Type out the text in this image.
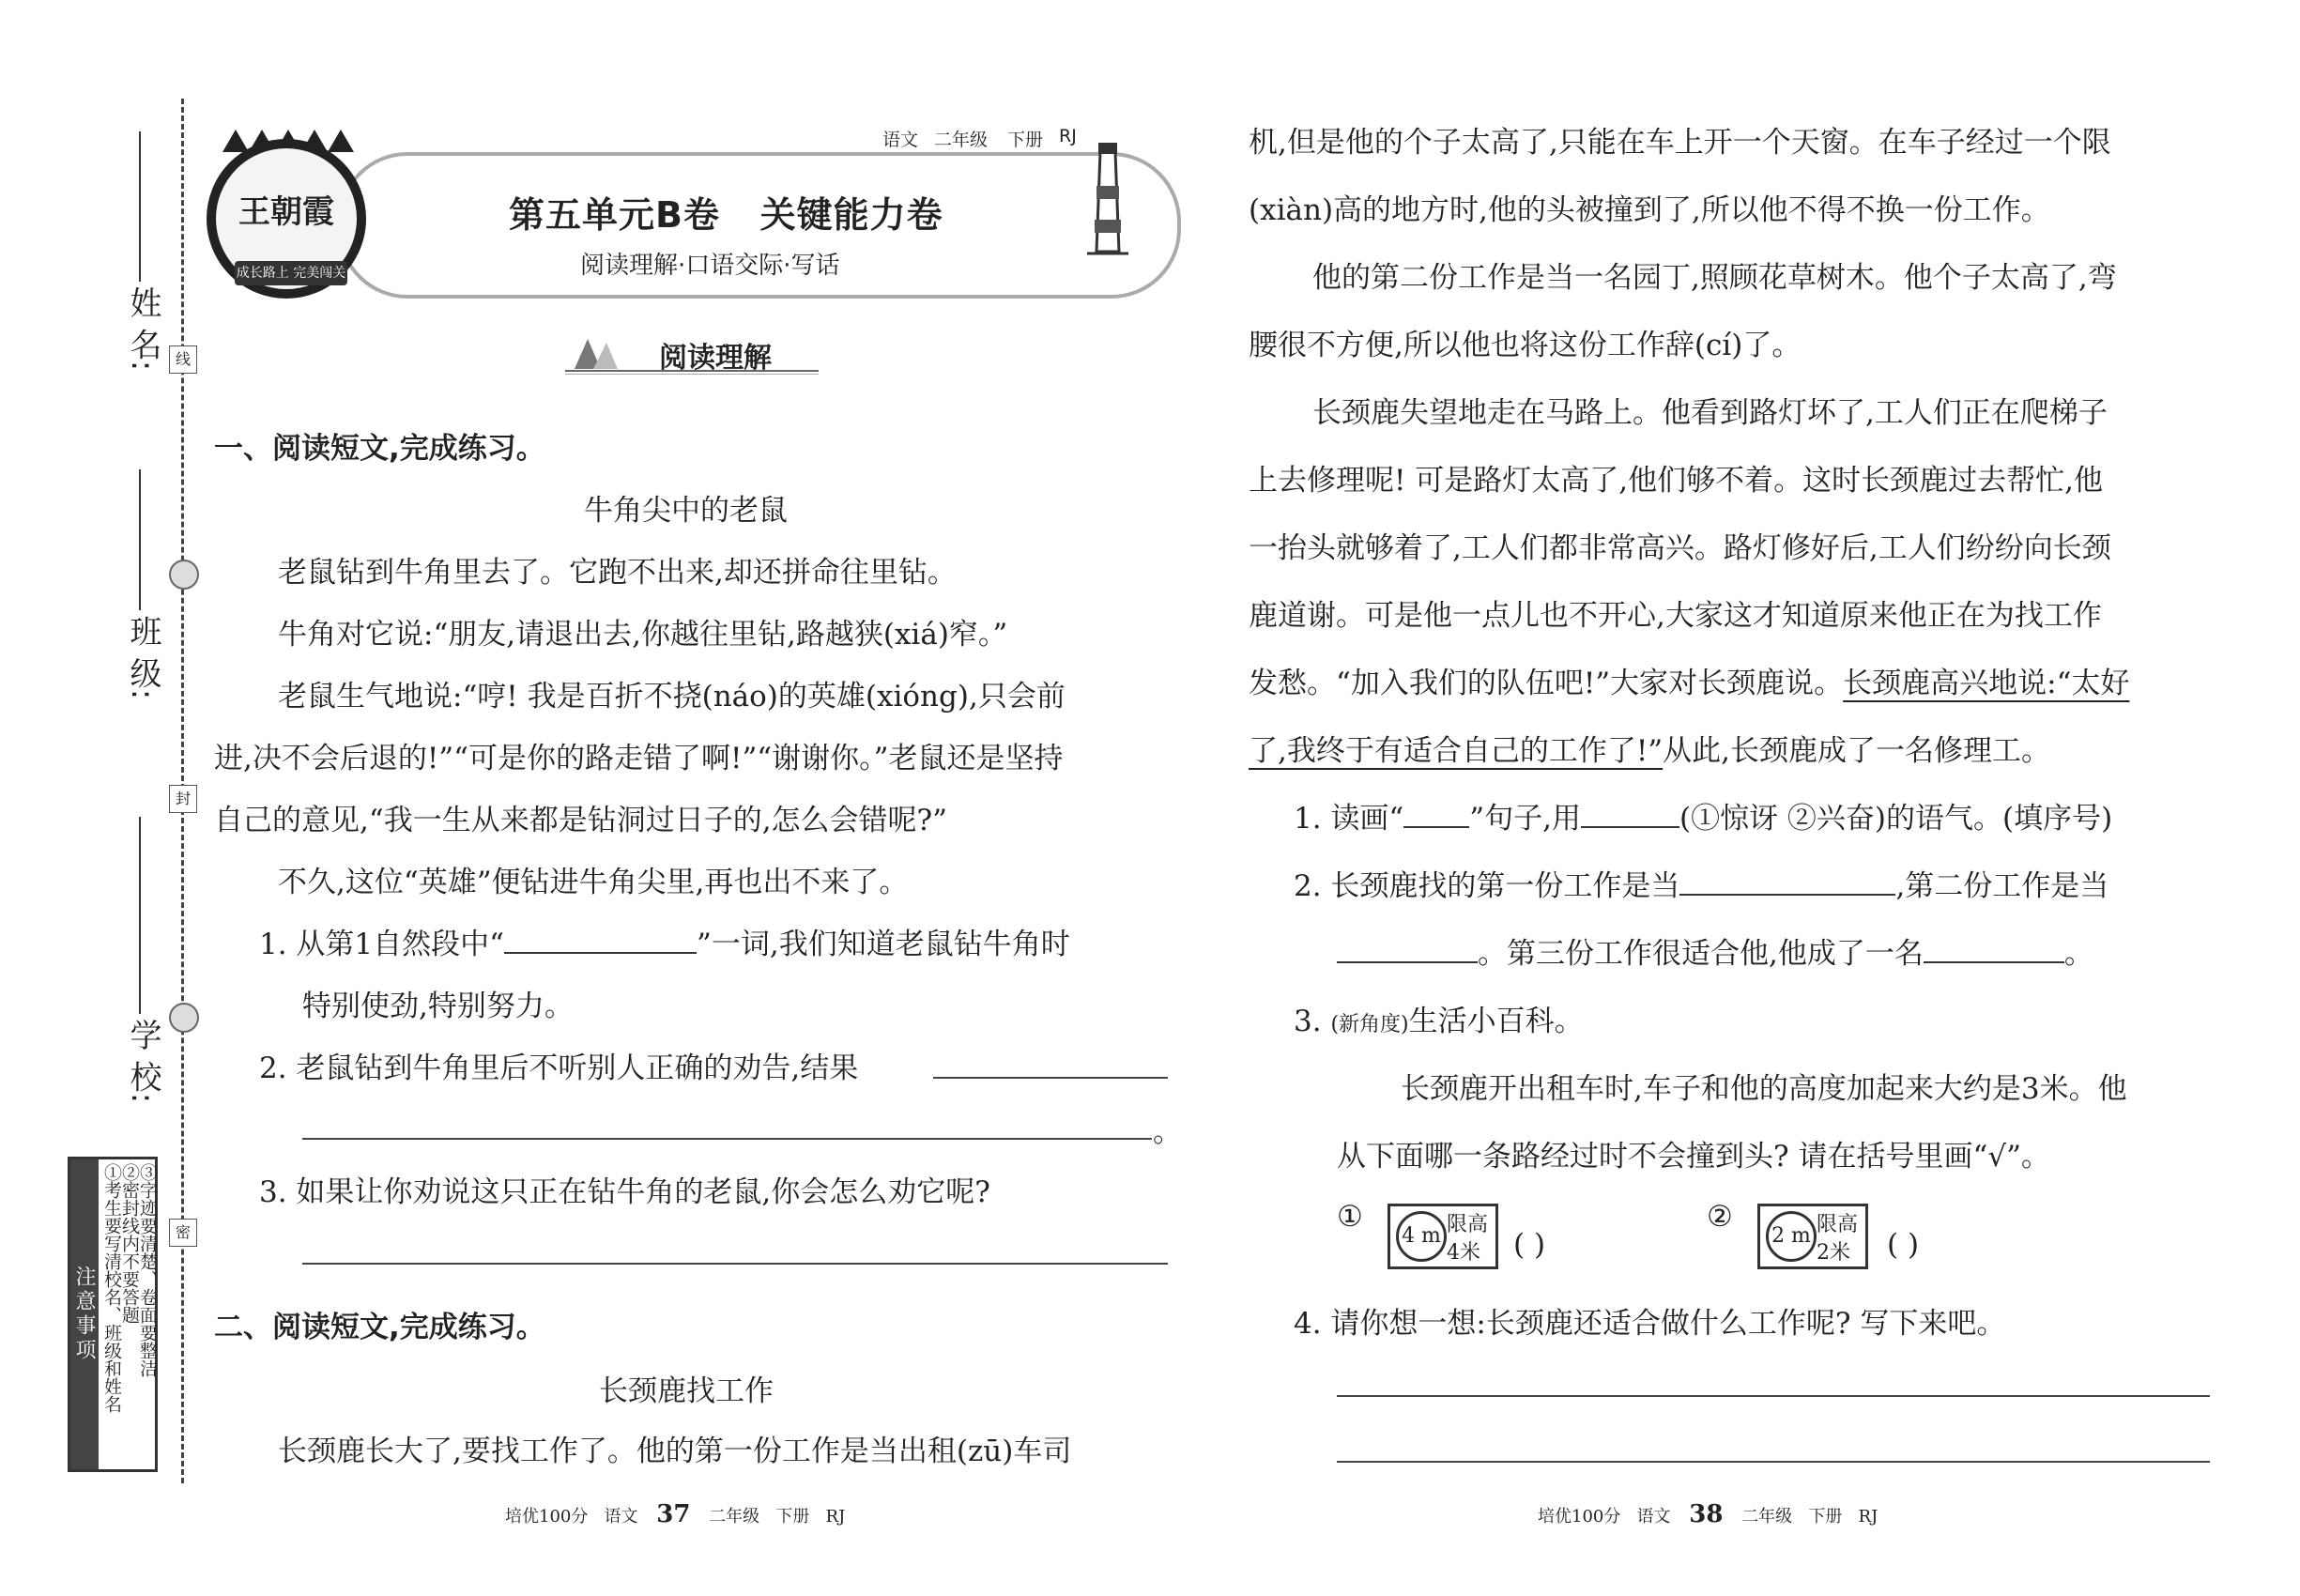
姓 名:
班 级:
学 校:
线
封
密
注意事项 ①考生要写清校名、班级和姓名
②密封线内不要答题
③字迹要清楚、卷面要整洁
王朝霞
成长路上 完美闯关
语文 二年级 下册 RJ
第五单元B卷   关键能力卷
阅读理解·口语交际·写话
阅读理解
一、阅读短文,完成练习。
牛角尖中的老鼠
老鼠钻到牛角里去了。它跑不出来,却还拼命往里钻。
牛角对它说:“朋友,请退出去,你越往里钻,路越狭(xiá)窄。”
老鼠生气地说:“哼! 我是百折不挠(náo)的英雄(xióng),只会前
进,决不会后退的!”“可是你的路走错了啊!”“谢谢你。”老鼠还是坚持
自己的意见,“我一生从来都是钻洞过日子的,怎么会错呢?”
不久,这位“英雄”便钻进牛角尖里,再也出不来了。
1. 从第1自然段中“	”一词,我们知道老鼠钻牛角时
特别使劲,特别努力。
2. 老鼠钻到牛角里后不听别人正确的劝告,结果
。
3. 如果让你劝说这只正在钻牛角的老鼠,你会怎么劝它呢?
二、阅读短文,完成练习。
长颈鹿找工作
长颈鹿长大了,要找工作了。他的第一份工作是当出租(zū)车司
机,但是他的个子太高了,只能在车上开一个天窗。在车子经过一个限
(xiàn)高的地方时,他的头被撞到了,所以他不得不换一份工作。
他的第二份工作是当一名园丁,照顾花草树木。他个子太高了,弯
腰很不方便,所以他也将这份工作辞(cí)了。
长颈鹿失望地走在马路上。他看到路灯坏了,工人们正在爬梯子
上去修理呢! 可是路灯太高了,他们够不着。这时长颈鹿过去帮忙,他
一抬头就够着了,工人们都非常高兴。路灯修好后,工人们纷纷向长颈
鹿道谢。可是他一点儿也不开心,大家这才知道原来他正在为找工作
发愁。“加入我们的队伍吧!”大家对长颈鹿说。长颈鹿高兴地说:“太好
了,我终于有适合自己的工作了!”从此,长颈鹿成了一名修理工。
1. 读画“ ”句子,用	(①惊讶 ②兴奋)的语气。(填序号)
2. 长颈鹿找的第一份工作是当	,第二份工作是当
。第三份工作很适合他,他成了一名	。
3. (新角度)生活小百科。
长颈鹿开出租车时,车子和他的高度加起来大约是3米。他
从下面哪一条路经过时不会撞到头? 请在括号里画“√”。
①
4 m 限高
4米 ( )
②
2 m 限高
2米 ( )
4. 请你想一想:长颈鹿还适合做什么工作呢? 写下来吧。
培优100分   语文 37 二年级   下册   RJ	培优100分   语文 38 二年级   下册   RJ
